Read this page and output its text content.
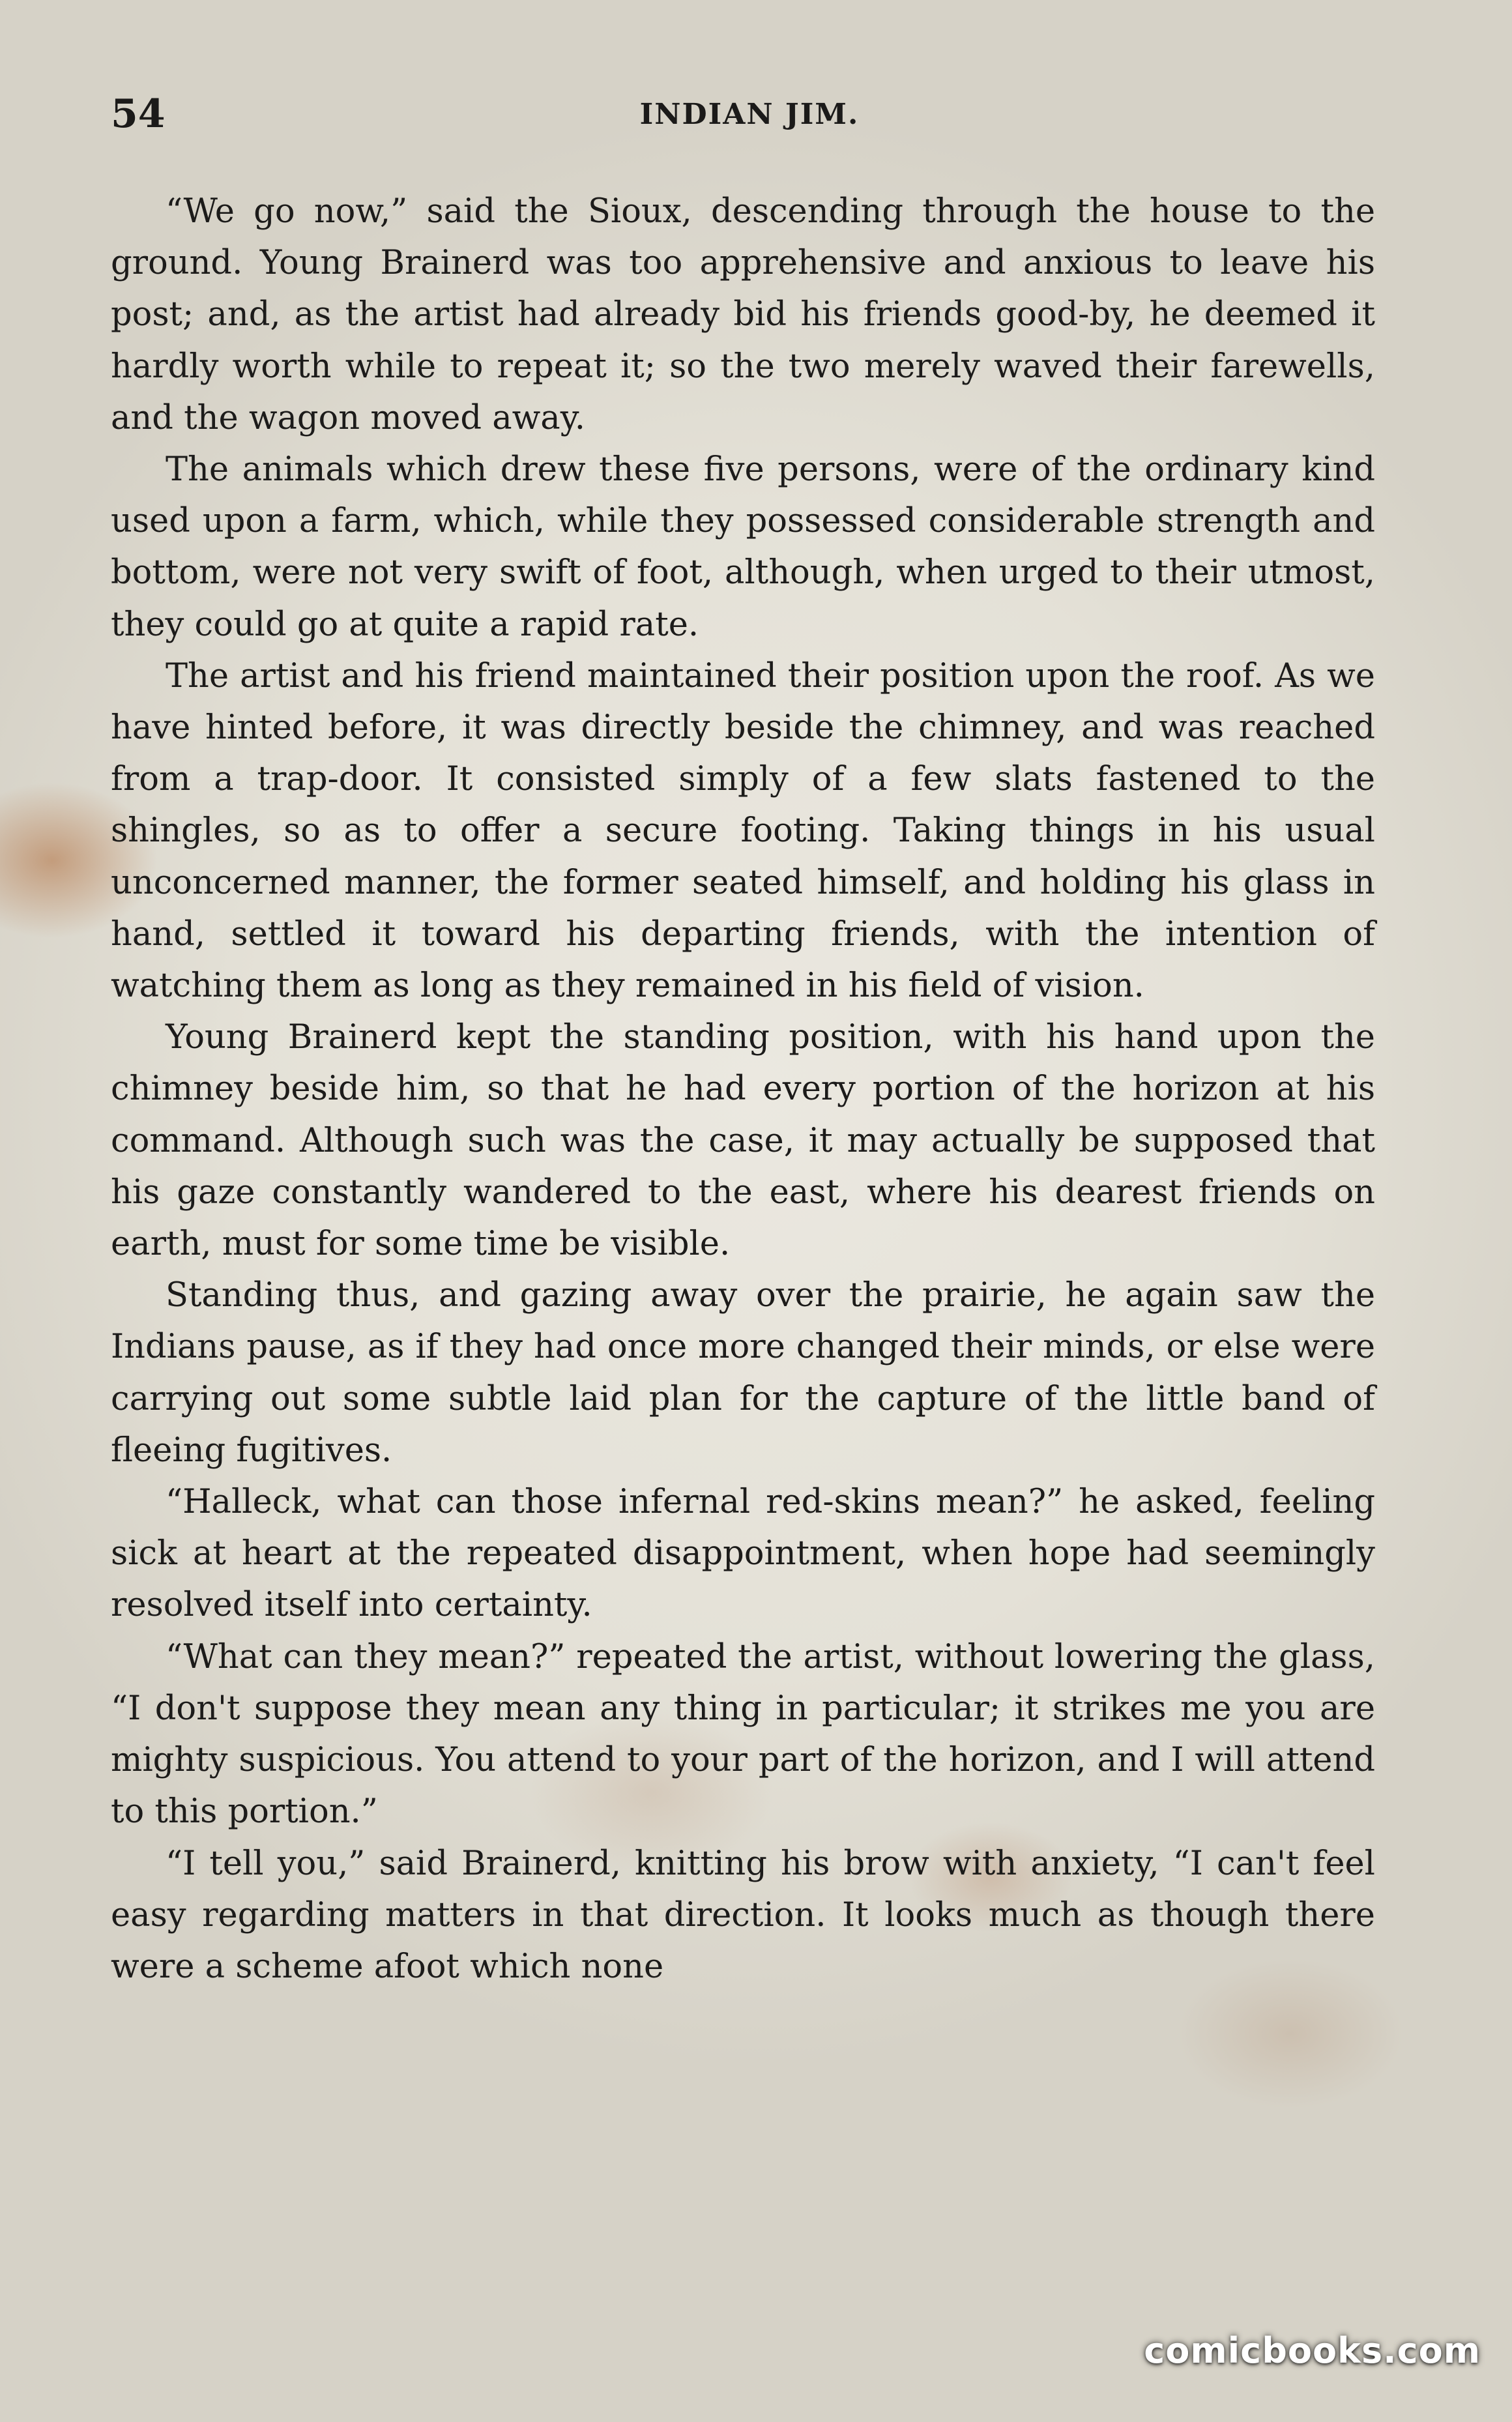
54	INDIAN JIM.

“We go now,” said the Sioux, descending through the house to the ground. Young Brainerd was too apprehensive and anxious to leave his post; and, as the artist had already bid his friends good-by, he deemed it hardly worth while to repeat it; so the two merely waved their farewells, and the wagon moved away.

The animals which drew these five persons, were of the ordinary kind used upon a farm, which, while they possessed considerable strength and bottom, were not very swift of foot, although, when urged to their utmost, they could go at quite a rapid rate.

The artist and his friend maintained their position upon the roof. As we have hinted before, it was directly beside the chimney, and was reached from a trap-door. It consisted simply of a few slats fastened to the shingles, so as to offer a secure footing. Taking things in his usual unconcerned manner, the former seated himself, and holding his glass in hand, settled it toward his departing friends, with the intention of watching them as long as they remained in his field of vision.

Young Brainerd kept the standing position, with his hand upon the chimney beside him, so that he had every portion of the horizon at his command. Although such was the case, it may actually be supposed that his gaze constantly wandered to the east, where his dearest friends on earth, must for some time be visible.

Standing thus, and gazing away over the prairie, he again saw the Indians pause, as if they had once more changed their minds, or else were carrying out some subtle laid plan for the capture of the little band of fleeing fugitives.

“Halleck, what can those infernal red-skins mean?” he asked, feeling sick at heart at the repeated disappointment, when hope had seemingly resolved itself into certainty.

“What can they mean?” repeated the artist, without lowering the glass, “I don't suppose they mean any thing in particular; it strikes me you are mighty suspicious. You attend to your part of the horizon, and I will attend to this portion.”

“I tell you,” said Brainerd, knitting his brow with anxiety, “I can't feel easy regarding matters in that direction. It looks much as though there were a scheme afoot which none

comicbooks.com
